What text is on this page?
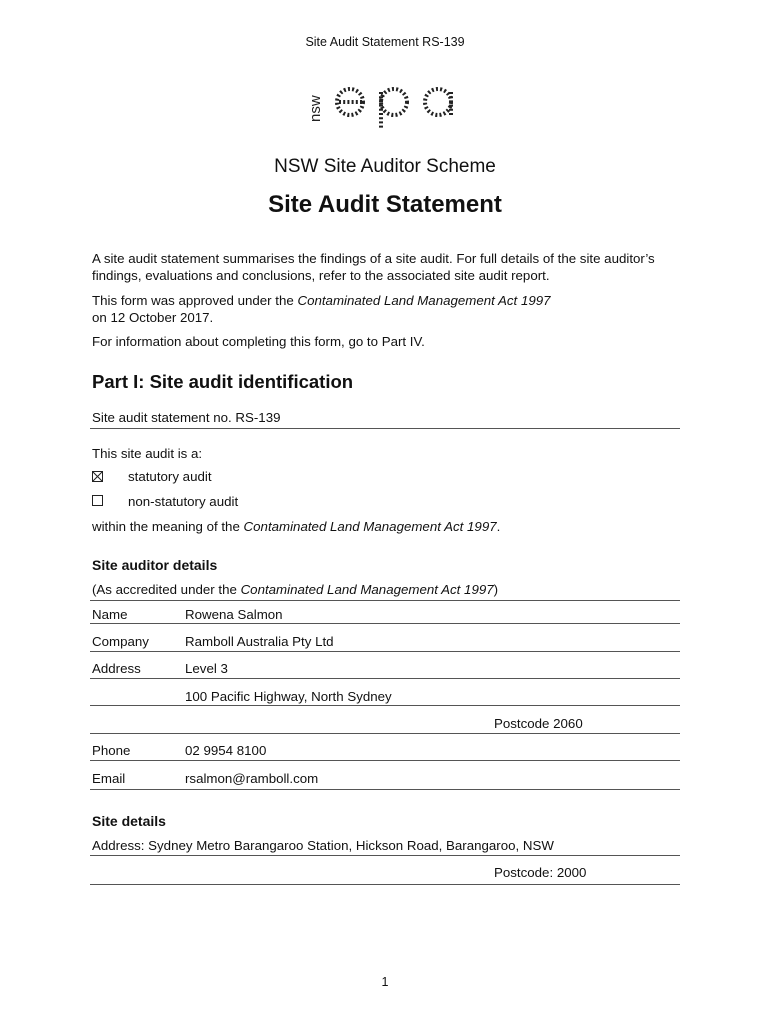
Site Audit Statement RS-139
nsw
NSW Site Auditor Scheme
Site Audit Statement

A site audit statement summarises the findings of a site audit. For full details of the site auditor’s findings, evaluations and conclusions, refer to the associated site audit report.

This form was approved under the Contaminated Land Management Act 1997
on 12 October 2017.

For information about completing this form, go to Part IV.

Part I: Site audit identification
Site audit statement no. RS-139
This site audit is a:
statutory audit
non-statutory audit
within the meaning of the Contaminated Land Management Act 1997.
Site auditor details
(As accredited under the Contaminated Land Management Act 1997)
Name	Rowena Salmon
Company	Ramboll Australia Pty Ltd
Address	Level 3
100 Pacific Highway, North Sydney
Postcode 2060
Phone	02 9954 8100
Email	rsalmon@ramboll.com
Site details
Address: Sydney Metro Barangaroo Station, Hickson Road, Barangaroo, NSW
Postcode: 2000
1
